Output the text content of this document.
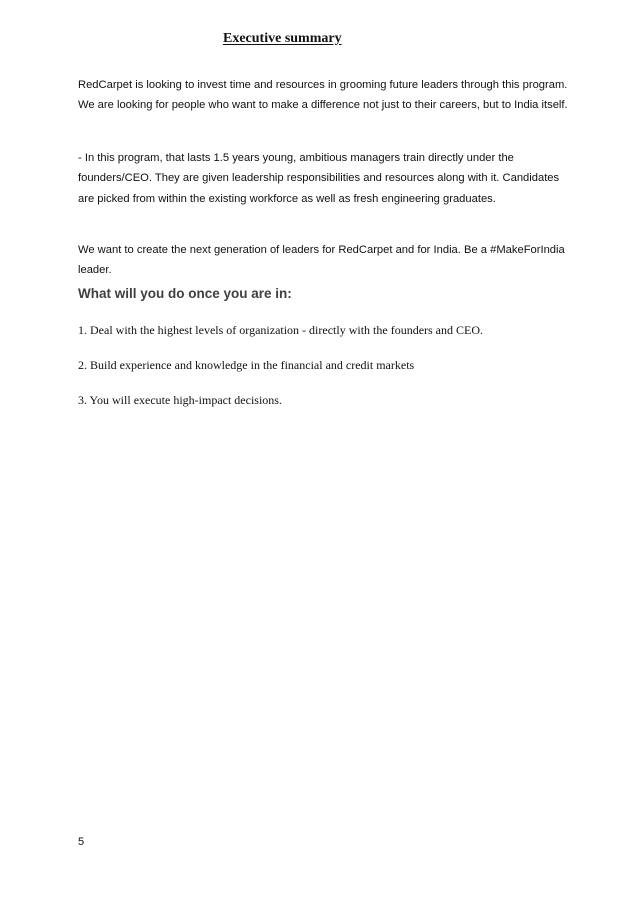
Executive summary

RedCarpet is looking to invest time and resources in grooming future leaders through this program. We are looking for people who want to make a difference not just to their careers, but to India itself.

- In this program, that lasts 1.5 years young, ambitious managers train directly under the founders/CEO. They are given leadership responsibilities and resources along with it. Candidates are picked from within the existing workforce as well as fresh engineering graduates.

We want to create the next generation of leaders for RedCarpet and for India. Be a #MakeForIndia leader.

What will you do once you are in:
1. Deal with the highest levels of organization - directly with the founders and CEO.
2. Build experience and knowledge in the financial and credit markets
3. You will execute high-impact decisions.
5
